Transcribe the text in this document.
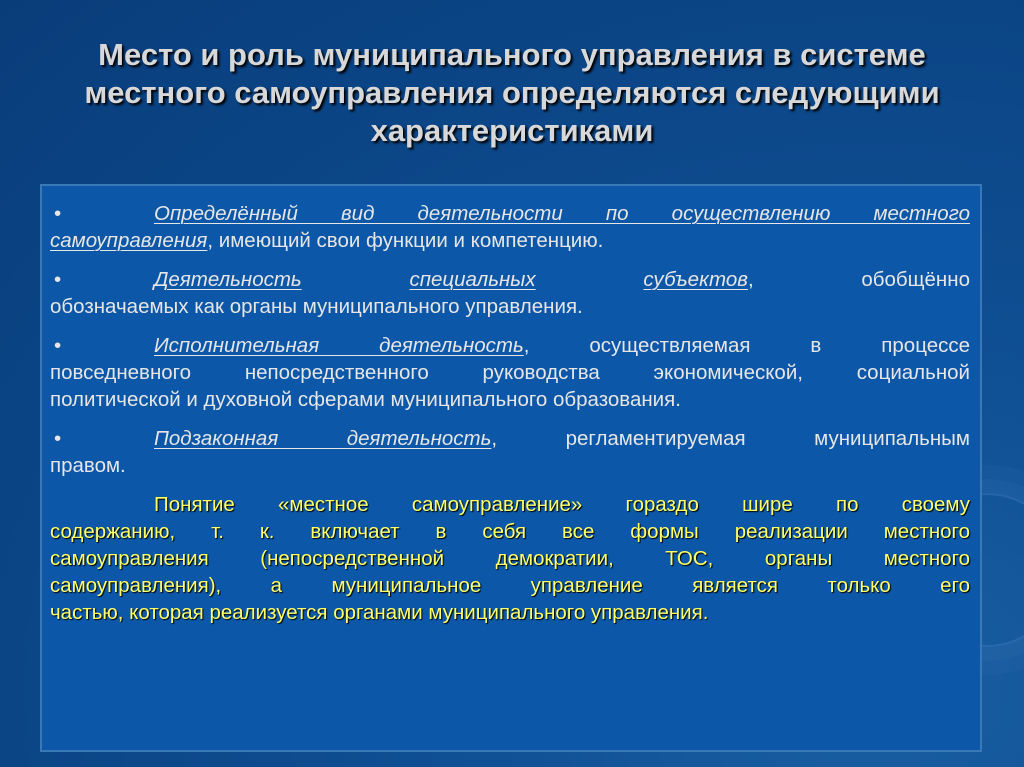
Место и роль муниципального управления в системе
местного самоуправления определяются следующими
характеристиками
•	Определённый вид деятельности по осуществлению местного
самоуправления, имеющий свои функции и компетенцию.
•	Деятельность	специальных	субъектов,	обобщённо
обозначаемых как органы муниципального управления.
•	Исполнительная деятельность, осуществляемая в процессе
повседневного непосредственного руководства экономической, социальной
политической и духовной сферами муниципального образования.
•	Подзаконная деятельность, регламентируемая муниципальным
правом.
Понятие «местное самоуправление» гораздо шире по своему
содержанию, т. к. включает в себя все формы реализации местного
самоуправления (непосредственной демократии, ТОС, органы местного
самоуправления), а муниципальное управление является только его
частью, которая реализуется органами муниципального управления.
